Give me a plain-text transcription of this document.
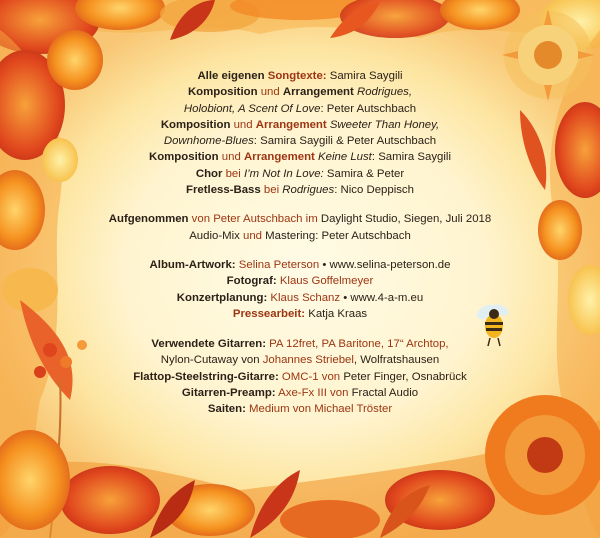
Alle eigenen Songtexte: Samira Saygili

Komposition und Arrangement Rodrigues,

Holobiont, A Scent Of Love: Peter Autschbach

Komposition und Arrangement Sweeter Than Honey,

Downhome-Blues: Samira Saygili & Peter Autschbach

Komposition und Arrangement Keine Lust: Samira Saygili

Chor bei I’m Not In Love: Samira & Peter

Fretless-Bass bei Rodrigues: Nico Deppisch

Aufgenommen von Peter Autschbach im Daylight Studio, Siegen, Juli 2018

Audio-Mix und Mastering: Peter Autschbach

Album-Artwork: Selina Peterson • www.selina-peterson.de

Fotograf: Klaus Goffelmeyer

Konzertplanung: Klaus Schanz • www.4-a-m.eu

Pressearbeit: Katja Kraas

Verwendete Gitarren: PA 12fret, PA Baritone, 17“ Archtop,

Nylon-Cutaway von Johannes Striebel, Wolfratshausen

Flattop-Steelstring-Gitarre: OMC-1 von Peter Finger, Osnabrück

Gitarren-Preamp: Axe-Fx III von Fractal Audio

Saiten: Medium von Michael Tröster
